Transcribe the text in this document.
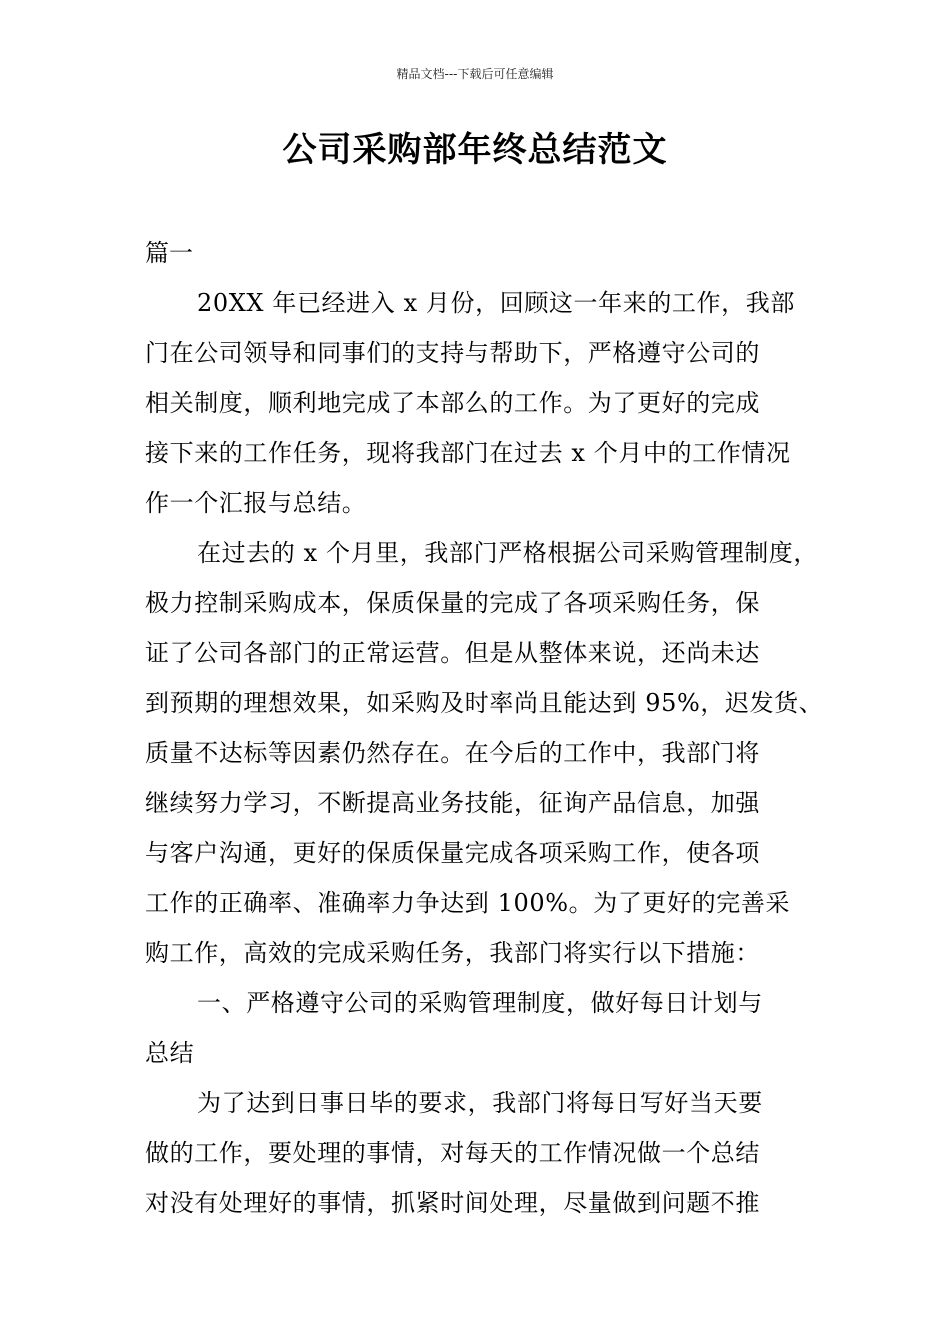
精品文档---下载后可任意编辑
公司采购部年终总结范文
篇一
20XX 年已经进入 x 月份，回顾这一年来的工作，我部
门在公司领导和同事们的支持与帮助下，严格遵守公司的
相关制度，顺利地完成了本部么的工作。为了更好的完成
接下来的工作任务，现将我部门在过去 x 个月中的工作情况
作一个汇报与总结。
在过去的 x 个月里，我部门严格根据公司采购管理制度，
极力控制采购成本，保质保量的完成了各项采购任务，保
证了公司各部门的正常运营。但是从整体来说，还尚未达
到预期的理想效果，如采购及时率尚且能达到 95%，迟发货、
质量不达标等因素仍然存在。在今后的工作中，我部门将
继续努力学习，不断提高业务技能，征询产品信息，加强
与客户沟通，更好的保质保量完成各项采购工作，使各项
工作的正确率、准确率力争达到 100%。为了更好的完善采
购工作，高效的完成采购任务，我部门将实行以下措施：
一、严格遵守公司的采购管理制度，做好每日计划与
总结
为了达到日事日毕的要求，我部门将每日写好当天要
做的工作，要处理的事情，对每天的工作情况做一个总结
对没有处理好的事情，抓紧时间处理，尽量做到问题不推
